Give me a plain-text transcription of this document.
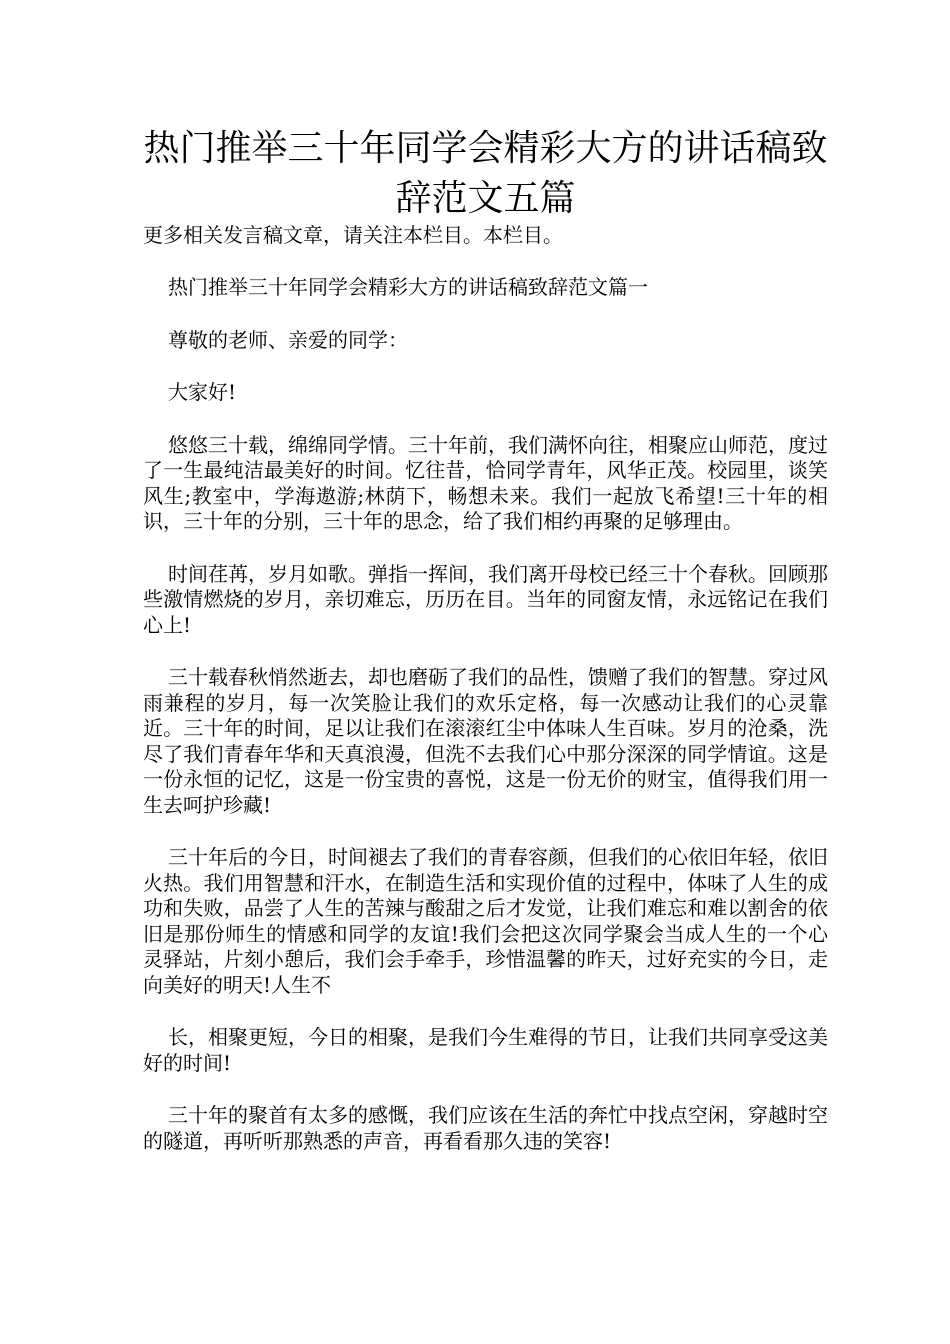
热门推举三十年同学会精彩大方的讲话稿致辞范文五篇

更多相关发言稿文章，请关注本栏目。本栏目。

热门推举三十年同学会精彩大方的讲话稿致辞范文篇一

尊敬的老师、亲爱的同学：

大家好!

悠悠三十载，绵绵同学情。三十年前，我们满怀向往，相聚应山师范，度过了一生最纯洁最美好的时间。忆往昔，恰同学青年，风华正茂。校园里，谈笑风生;教室中，学海遨游;林荫下，畅想未来。我们一起放飞希望!三十年的相识，三十年的分别，三十年的思念，给了我们相约再聚的足够理由。

时间荏苒，岁月如歌。弹指一挥间，我们离开母校已经三十个春秋。回顾那些激情燃烧的岁月，亲切难忘，历历在目。当年的同窗友情，永远铭记在我们心上!

三十载春秋悄然逝去，却也磨砺了我们的品性，馈赠了我们的智慧。穿过风雨兼程的岁月，每一次笑脸让我们的欢乐定格，每一次感动让我们的心灵靠近。三十年的时间，足以让我们在滚滚红尘中体味人生百味。岁月的沧桑，洗尽了我们青春年华和天真浪漫，但洗不去我们心中那分深深的同学情谊。这是一份永恒的记忆，这是一份宝贵的喜悦，这是一份无价的财宝，值得我们用一生去呵护珍藏!

三十年后的今日，时间褪去了我们的青春容颜，但我们的心依旧年轻，依旧火热。我们用智慧和汗水，在制造生活和实现价值的过程中，体味了人生的成功和失败，品尝了人生的苦辣与酸甜之后才发觉，让我们难忘和难以割舍的依旧是那份师生的情感和同学的友谊!我们会把这次同学聚会当成人生的一个心灵驿站，片刻小憩后，我们会手牵手，珍惜温馨的昨天，过好充实的今日，走向美好的明天!人生不

长，相聚更短，今日的相聚，是我们今生难得的节日，让我们共同享受这美好的时间!

三十年的聚首有太多的感慨，我们应该在生活的奔忙中找点空闲，穿越时空的隧道，再听听那熟悉的声音，再看看那久违的笑容!
